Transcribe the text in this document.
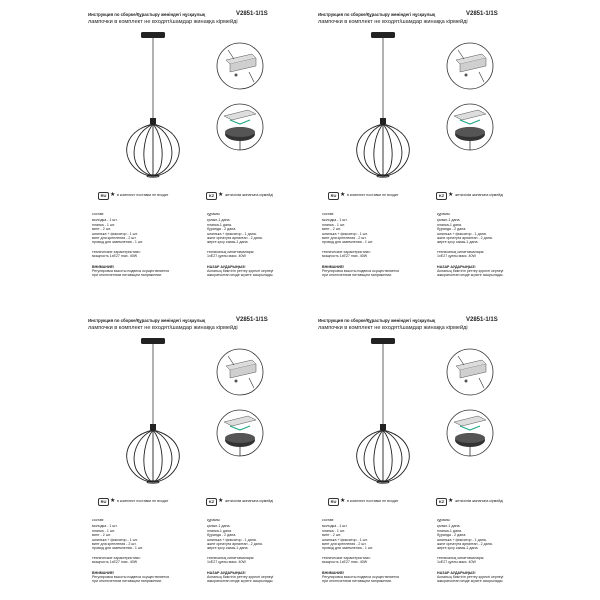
Инструкция по сборке/Құрастыру жөніндегі нұсқаулық	V2851-1/1S
лампочки в комплект не входят/шамдар жинаққа кірмейді
RU ★ в комплект поставки не входит	KZ ★ жеткізілім жинағына кірмейді
состав:
молодка - 1 шт.
планка - 1 шт.
винт - 2 шт.
шпилька + фиксатор - 1 шт.
винт для крепления - 2 шт.
провод для заземления - 1 шт.
технические характеристики:
мощность 1xE27 max. 40W
ВНИМАНИЕ!
Регулировка высоты подвеса осуществляется
при отключенном питающем напряжении.
құрамы:
қалып-1 дана.
планка-1 дана.
бұранда - 2 дана.
шпилька + фиксатор - 1 дана.
және орнатуға арналған - 2 дана.
жерге қосу сымы-1 дана.
техникалық сипаттамалары:
1xE27 қуаты макс. 40W
НАЗАР АУДАРЫҢЫЗ!
Аспаның биіктігін реттеу қоректі кернеуі
ажыратылған кезде жүзеге асырылады.
Инструкция по сборке/Құрастыру жөніндегі нұсқаулық	V2851-1/1S
лампочки в комплект не входят/шамдар жинаққа кірмейді
RU ★ в комплект поставки не входит	KZ ★ жеткізілім жинағына кірмейді
состав:
молодка - 1 шт.
планка - 1 шт.
винт - 2 шт.
шпилька + фиксатор - 1 шт.
винт для крепления - 2 шт.
провод для заземления - 1 шт.
технические характеристики:
мощность 1xE27 max. 40W
ВНИМАНИЕ!
Регулировка высоты подвеса осуществляется
при отключенном питающем напряжении.
құрамы:
қалып-1 дана.
планка-1 дана.
бұранда - 2 дана.
шпилька + фиксатор - 1 дана.
және орнатуға арналған - 2 дана.
жерге қосу сымы-1 дана.
техникалық сипаттамалары:
1xE27 қуаты макс. 40W
НАЗАР АУДАРЫҢЫЗ!
Аспаның биіктігін реттеу қоректі кернеуі
ажыратылған кезде жүзеге асырылады.
Инструкция по сборке/Құрастыру жөніндегі нұсқаулық	V2851-1/1S
лампочки в комплект не входят/шамдар жинаққа кірмейді
RU ★ в комплект поставки не входит	KZ ★ жеткізілім жинағына кірмейді
состав:
молодка - 1 шт.
планка - 1 шт.
винт - 2 шт.
шпилька + фиксатор - 1 шт.
винт для крепления - 2 шт.
провод для заземления - 1 шт.
технические характеристики:
мощность 1xE27 max. 40W
ВНИМАНИЕ!
Регулировка высоты подвеса осуществляется
при отключенном питающем напряжении.
құрамы:
қалып-1 дана.
планка-1 дана.
бұранда - 2 дана.
шпилька + фиксатор - 1 дана.
және орнатуға арналған - 2 дана.
жерге қосу сымы-1 дана.
техникалық сипаттамалары:
1xE27 қуаты макс. 40W
НАЗАР АУДАРЫҢЫЗ!
Аспаның биіктігін реттеу қоректі кернеуі
ажыратылған кезде жүзеге асырылады.
Инструкция по сборке/Құрастыру жөніндегі нұсқаулық	V2851-1/1S
лампочки в комплект не входят/шамдар жинаққа кірмейді
RU ★ в комплект поставки не входит	KZ ★ жеткізілім жинағына кірмейді
состав:
молодка - 1 шт.
планка - 1 шт.
винт - 2 шт.
шпилька + фиксатор - 1 шт.
винт для крепления - 2 шт.
провод для заземления - 1 шт.
технические характеристики:
мощность 1xE27 max. 40W
ВНИМАНИЕ!
Регулировка высоты подвеса осуществляется
при отключенном питающем напряжении.
құрамы:
қалып-1 дана.
планка-1 дана.
бұранда - 2 дана.
шпилька + фиксатор - 1 дана.
және орнатуға арналған - 2 дана.
жерге қосу сымы-1 дана.
техникалық сипаттамалары:
1xE27 қуаты макс. 40W
НАЗАР АУДАРЫҢЫЗ!
Аспаның биіктігін реттеу қоректі кернеуі
ажыратылған кезде жүзеге асырылады.
